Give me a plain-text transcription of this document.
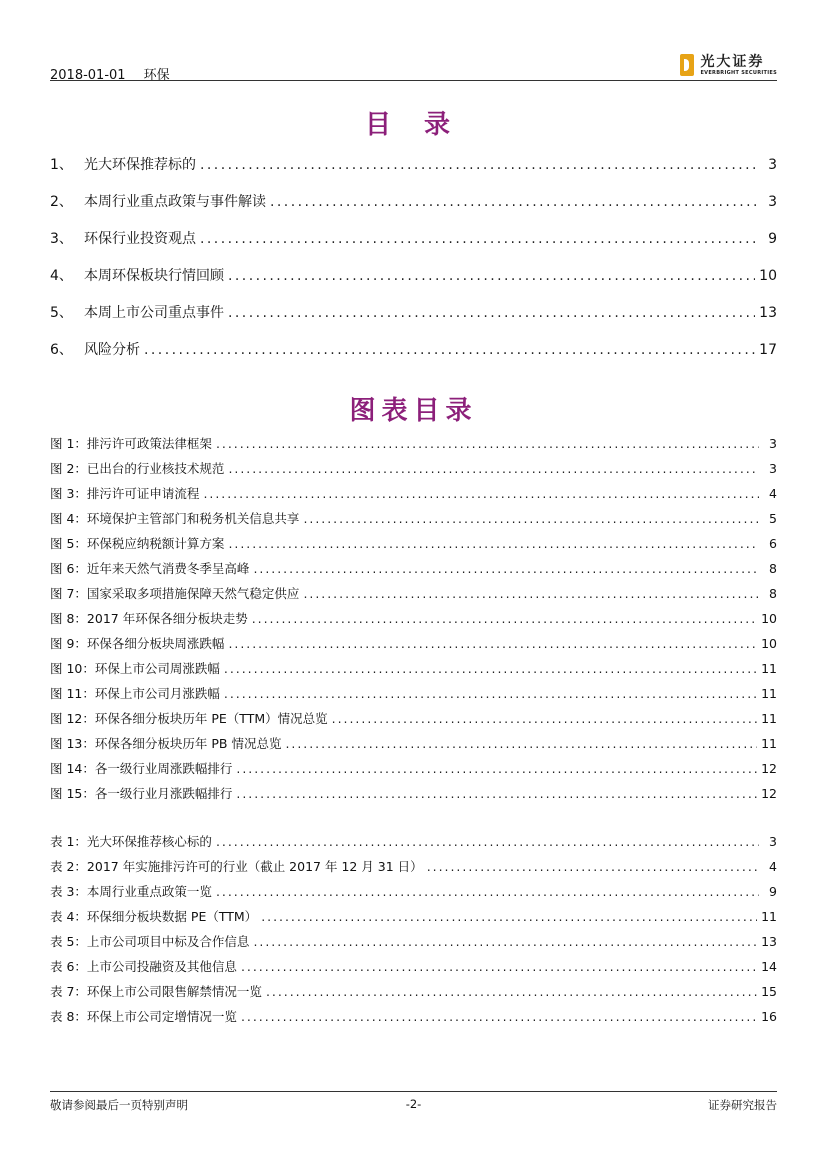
2018-01-01 环保
光大证券
EVERBRIGHT SECURITIES
目 录
1、 光大环保推荐标的 . . .	3
2、 本周行业重点政策与事件解读 . . .	3
3、 环保行业投资观点 . . .	9
4、 本周环保板块行情回顾 . . .	10
5、 本周上市公司重点事件 . . .	13
6、 风险分析 . . .	17
图表目录
图 1：排污许可政策法律框架 . . .	3
图 2：已出台的行业核技术规范 . . .	3
图 3：排污许可证申请流程 . . .	4
图 4：环境保护主管部门和税务机关信息共享 . . .	5
图 5：环保税应纳税额计算方案 . . .	6
图 6：近年来天然气消费冬季呈高峰 . . .	8
图 7：国家采取多项措施保障天然气稳定供应 . . .	8
图 8：2017 年环保各细分板块走势 . . .	10
图 9：环保各细分板块周涨跌幅 . . .	10
图 10：环保上市公司周涨跌幅 . . .	11
图 11：环保上市公司月涨跌幅 . . .	11
图 12：环保各细分板块历年 PE（TTM）情况总览 . . .	11
图 13：环保各细分板块历年 PB 情况总览 . . .	11
图 14：各一级行业周涨跌幅排行 . . .	12
图 15：各一级行业月涨跌幅排行 . . .	12
表 1：光大环保推荐核心标的 . . .	3
表 2：2017 年实施排污许可的行业（截止 2017 年 12 月 31 日） . . .	4
表 3：本周行业重点政策一览 . . .	9
表 4：环保细分板块数据 PE（TTM） . . .	11
表 5：上市公司项目中标及合作信息 . . .	13
表 6：上市公司投融资及其他信息 . . .	14
表 7：环保上市公司限售解禁情况一览 . . .	15
表 8：环保上市公司定增情况一览 . . .	16
敬请参阅最后一页特别声明	-2-	证券研究报告
